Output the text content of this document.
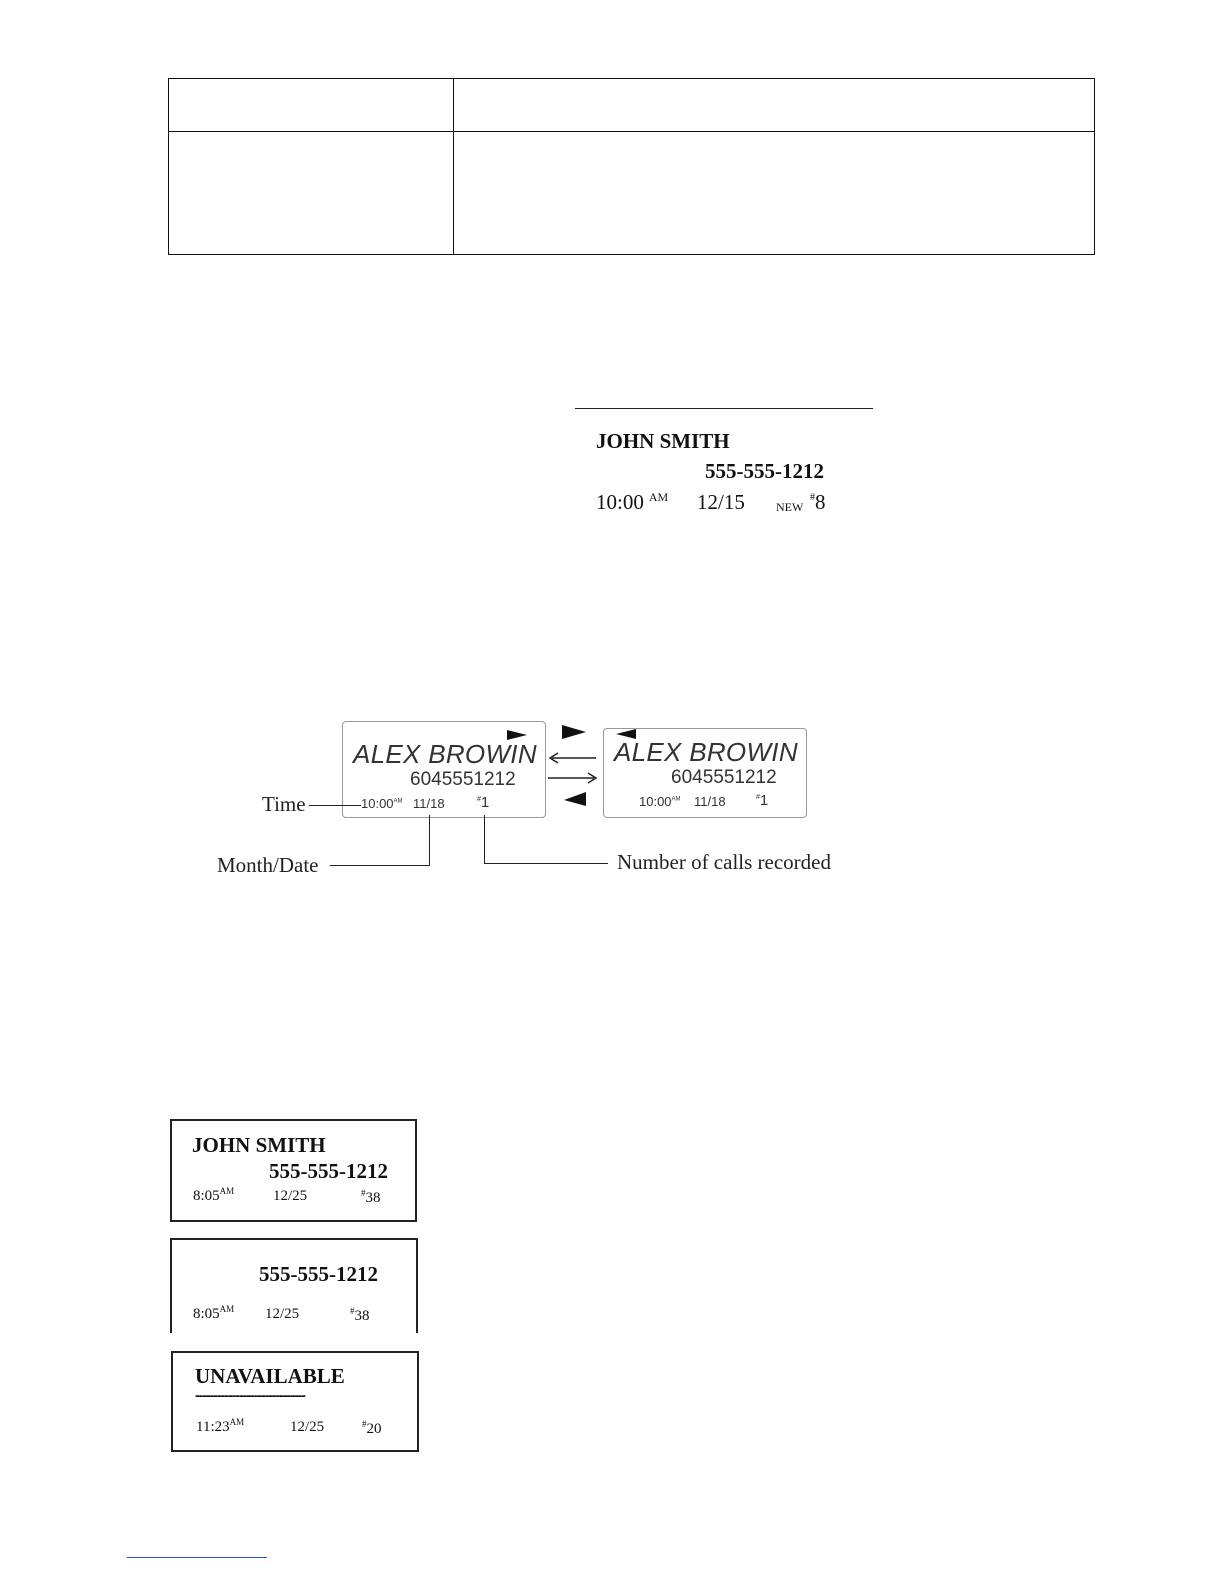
JOHN SMITH
555-555-1212
10:00 $^{AM}$ 12/15	NEW
#8
ALEX BROWIN
6045551212
$10:00^{AM}$ 11/18	#1
ALEX BROWIN
6045551212
$10:00^{AM}$ 11/18	#1
Time
Month/Date	Number of calls recorded
JOHN SMITH
555-555-1212
$8:05^{AM}$	12/25	#38
555-555-1212
$8:05^{AM}$ 12/25	#38
UNAVAILABLE
------------------------------
$11:23^{AM}$	12/25	#20
